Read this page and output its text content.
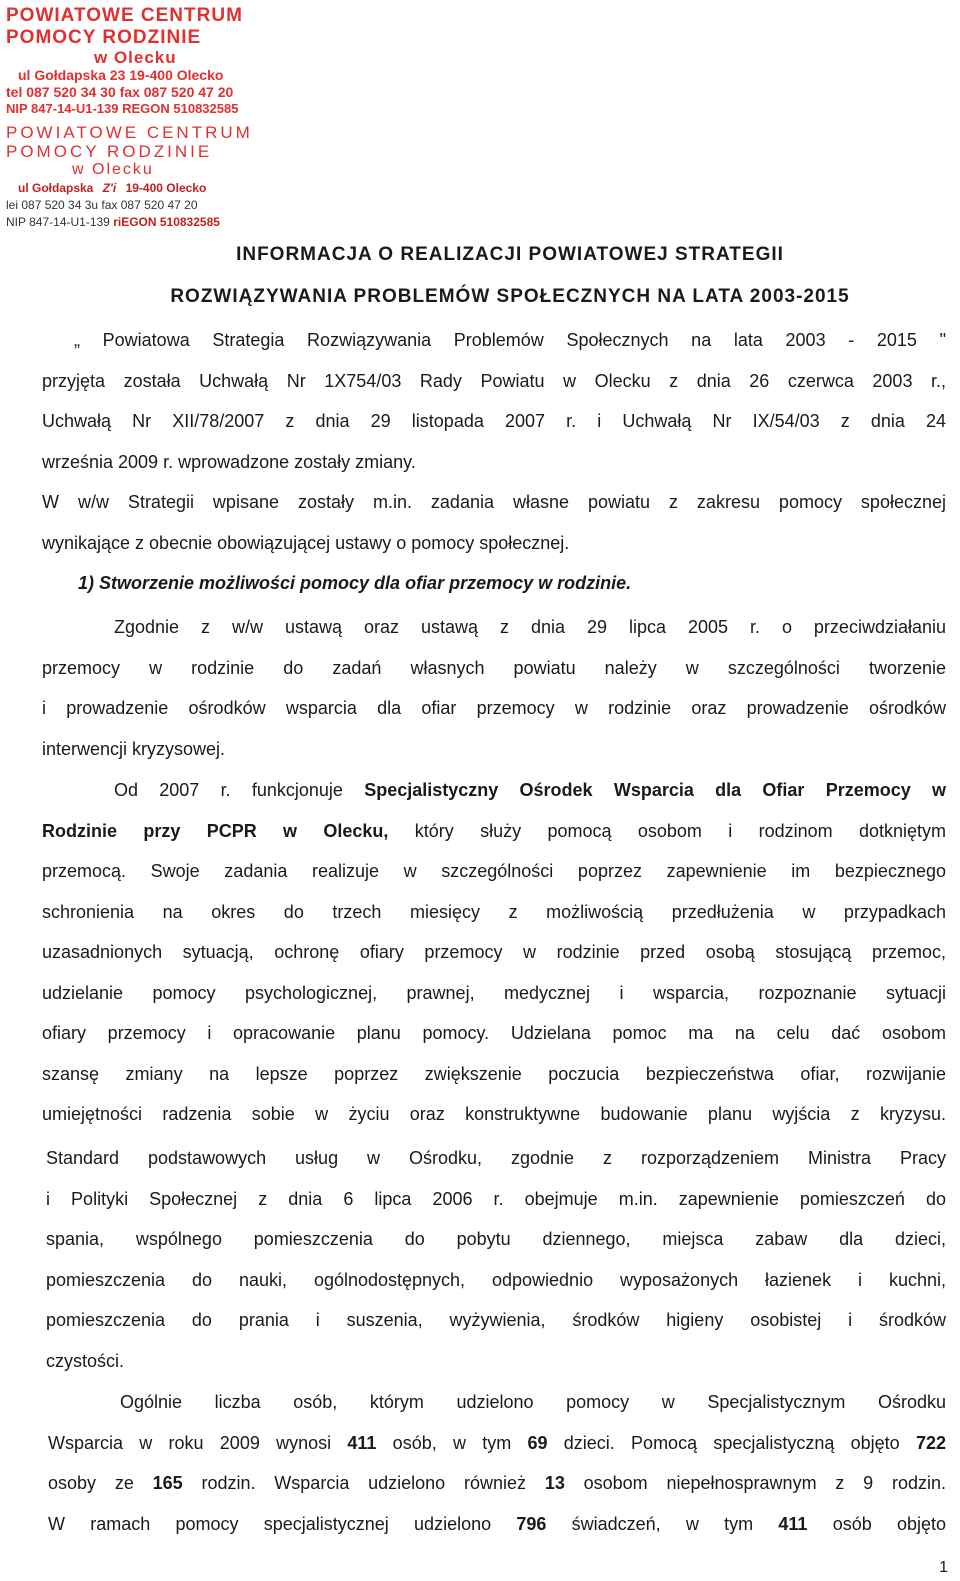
POWIATOWE CENTRUM
POMOCY RODZINIE
w Olecku
ul Gołdapska 23 19-400 Olecko
tel 087 520 34 30 fax 087 520 47 20
NIP 847-14-U1-139 REGON 510832585
POWIATOWE CENTRUM
POMOCY RODZINIE
w Olecku
ul Gołdapska Z'i 19-400 Olecko
lei 087 520 34 3u fax 087 520 47 20
NIP 847-14-U1-139 riEGON 510832585
INFORMACJA O REALIZACJI POWIATOWEJ STRATEGII
ROZWIĄZYWANIA PROBLEMÓW SPOŁECZNYCH NA LATA 2003-2015
„ Powiatowa Strategia Rozwiązywania Problemów Społecznych na lata 2003 - 2015 "
przyjęta została Uchwałą Nr 1X754/03 Rady Powiatu w Olecku z dnia 26 czerwca 2003 r.,
Uchwałą Nr XII/78/2007 z dnia 29 listopada 2007 r. i Uchwałą Nr IX/54/03 z dnia 24
września 2009 r. wprowadzone zostały zmiany.
W w/w Strategii wpisane zostały m.in. zadania własne powiatu z zakresu pomocy społecznej
wynikające z obecnie obowiązującej ustawy o pomocy społecznej.
1) Stworzenie możliwości pomocy dla ofiar przemocy w rodzinie.
Zgodnie z w/w ustawą oraz ustawą z dnia 29 lipca 2005 r. o przeciwdziałaniu
przemocy w rodzinie do zadań własnych powiatu należy w szczególności tworzenie
i prowadzenie ośrodków wsparcia dla ofiar przemocy w rodzinie oraz prowadzenie ośrodków
interwencji kryzysowej.
Od 2007 r. funkcjonuje Specjalistyczny Ośrodek Wsparcia dla Ofiar Przemocy w
Rodzinie przy PCPR w Olecku, który służy pomocą osobom i rodzinom dotkniętym
przemocą. Swoje zadania realizuje w szczególności poprzez zapewnienie im bezpiecznego
schronienia na okres do trzech miesięcy z możliwością przedłużenia w przypadkach
uzasadnionych sytuacją, ochronę ofiary przemocy w rodzinie przed osobą stosującą przemoc,
udzielanie pomocy psychologicznej, prawnej, medycznej i wsparcia, rozpoznanie sytuacji
ofiary przemocy i opracowanie planu pomocy. Udzielana pomoc ma na celu dać osobom
szansę zmiany na lepsze poprzez zwiększenie poczucia bezpieczeństwa ofiar, rozwijanie
umiejętności radzenia sobie w życiu oraz konstruktywne budowanie planu wyjścia z kryzysu.
Standard podstawowych usług w Ośrodku, zgodnie z rozporządzeniem Ministra Pracy
i Polityki Społecznej z dnia 6 lipca 2006 r. obejmuje m.in. zapewnienie pomieszczeń do
spania, wspólnego pomieszczenia do pobytu dziennego, miejsca zabaw dla dzieci,
pomieszczenia do nauki, ogólnodostępnych, odpowiednio wyposażonych łazienek i kuchni,
pomieszczenia do prania i suszenia, wyżywienia, środków higieny osobistej i środków
czystości.
Ogólnie liczba osób, którym udzielono pomocy w Specjalistycznym Ośrodku
Wsparcia w roku 2009 wynosi 411 osób, w tym 69 dzieci. Pomocą specjalistyczną objęto 722
osoby ze 165 rodzin. Wsparcia udzielono również 13 osobom niepełnosprawnym z 9 rodzin.
W ramach pomocy specjalistycznej udzielono 796 świadczeń, w tym 411 osób objęto
1
